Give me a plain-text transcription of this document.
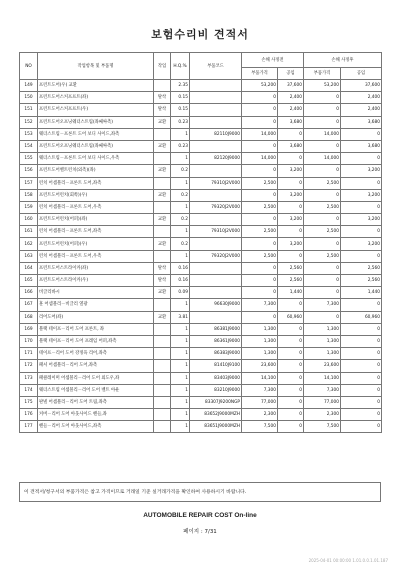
보험수리비 견적서
NO	작업항목 및 부품명	작업	H.Q.%	부품코드	손해 사정전		손해 사정후	
					부품가격	공임	부품가격	공임
149	프런트도어(우) 교환		2.35		53,200	37,600	53,200	37,600
150	프런트도어스커프프트(좌)	탈착	0.15		0	2,400	0	2,400
151	프런트도어스커프프트(우)	탈착	0.15		0	2,400	0	2,400
152	프런트도어오프닝웨더스트립(좌쌔싸측)	교환	0.23		0	3,680	0	3,680
153	웨더스트립－프론트 도어 보디 사이드,좌측		1	82110J9000	14,000	0	14,000	0
154	프런트도어오프닝웨더스트립(좌쌔싸측)	교환	0.23		0	3,680	0	3,680
155	웨더스트립－프론트 도어 보디 사이드,우측		1	82120J9000	14,000	0	14,000	0
156	프런트도어벨트런치(외측)(좌)	교환	0.2		0	3,200	0	3,200
157	런치 어셈블리－프론트 도어,좌측		1	79310J2V000	2,500	0	2,500	0
158	프런트도어런치(회쪽)(우)	교환	0.2		0	3,200	0	3,200
159	런치 어셈블리－프론트 도어,우측		1	79320J2V000	2,500	0	2,500	0
160	프런트도어런치(어퍼)(좌)	교환	0.2		0	3,200	0	3,200
161	런치 어셈블리－프론트 도어,좌측		1	79310J2V000	2,500	0	2,500	0
162	프런트도어런치(어퍼)(우)	교환	0.2		0	3,200	0	3,200
163	런치 어셈블리－프론트 도어,우측		1	79320J2V000	2,500	0	2,500	0
164	프런트도어스트라이커(좌)	탈착	0.16		0	2,560	0	2,560
165	프런트도어스트라이커(우)	탈착	0.16		0	2,560	0	2,560
166	비글리바시	교환	0.09		0	1,440	0	1,440
167	훈 어셈블리－비글러 열광		1	96630J9000	7,300	0	7,300	0
168	리어도어(좌)	교환	3.81		0	60,960	0	60,960
169	블랙 테이프－리어 도어 프론트, 좌		1	86381J9000	1,300	0	1,300	0
170	블랙 테이프－리어 도어 프레임 어퍼,좌측		1	86361J9000	1,300	0	1,300	0
171	테이프－리어 도어 강정육 리어,좌측		1	86383J9000	1,300	0	1,300	0
172	패셔 어셈블리－리어 도어,좌측		1	81410J9100	23,600	0	23,600	0
173	패클레이머 어셈블리－리어 도어 외도우,좌		1	83403J9000	14,100	0	14,100	0
174	웨더스트립 어셈블리－리어 도어 벨트 아운		1	83210J9000	7,300	0	7,300	0
175	판넬 어셈블리－리어 도어 트림,좌측		1	83307J9200NGP	77,000	0	77,000	0
176	커버－리어 도어 아웃사이드 핸들,좌		1	83652J9000MZH	2,300	0	2,300	0
177	핸들－리어 도어 아웃사이드,좌측		1	83651J9000MZH	7,500	0	7,500	0
이 견적서/청구서의 부품가격은 참고 가격이므로 거래일 기준 실거래가격을 확인하여 사용하시기 바랍니다.
AUTOMOBILE REPAIR COST On-line
페이지 : 7/31
2025-04-01 00:00:00 1.01.0.0.1.01.187
